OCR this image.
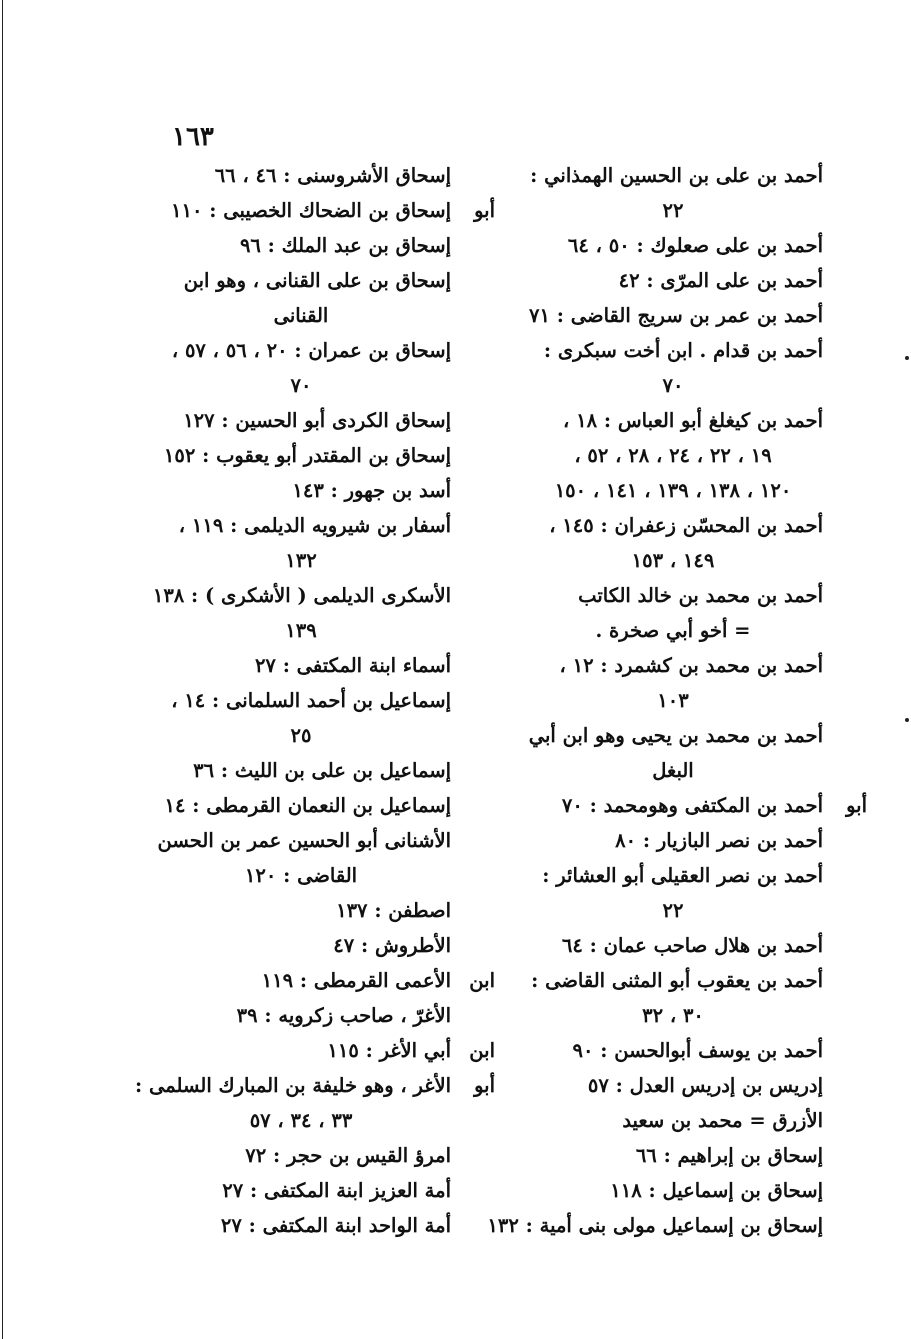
١٦٣
أحمد بن على بن الحسين الهمذاني :
٢٢
أحمد بن على صعلوك : ٥٠ ، ٦٤
أحمد بن على المرّى : ٤٢
أحمد بن عمر بن سريج القاضى : ٧١
أحمد بن قدام . ابن أخت سبكرى :
٧٠
أحمد بن كيغلغ أبو العباس : ١٨ ،
١٩ ، ٢٢ ، ٢٤ ، ٢٨ ، ٥٢ ،
١٢٠ ، ١٣٨ ، ١٣٩ ، ١٤١ ، ١٥٠
أحمد بن المحسّن زعفران : ١٤٥ ،
١٤٩ ، ١٥٣
أحمد بن محمد بن خالد الكاتب
= أخو أبي صخرة .
أحمد بن محمد بن كشمرد : ١٢ ،
١٠٣
أحمد بن محمد بن يحيى وهو ابن أبي
البغل
أبو
أحمد بن المكتفى وهومحمد : ٧٠
أحمد بن نصر البازيار : ٨٠
أحمد بن نصر العقيلى أبو العشائر :
٢٢
أحمد بن هلال صاحب عمان : ٦٤
أحمد بن يعقوب أبو المثنى القاضى :
٣٠ ، ٣٢
أحمد بن يوسف أبوالحسن : ٩٠
إدريس بن إدريس العدل : ٥٧
الأزرق = محمد بن سعيد
إسحاق بن إبراهيم : ٦٦
إسحاق بن إسماعيل : ١١٨
إسحاق بن إسماعيل مولى بنى أمية : ١٣٢
إسحاق الأشروسنى : ٤٦ ، ٦٦
أبو
إسحاق بن الضحاك الخصيبى : ١١٠
إسحاق بن عبد الملك : ٩٦
إسحاق بن على القنانى ، وهو ابن
القنانى
إسحاق بن عمران : ٢٠ ، ٥٦ ، ٥٧ ،
٧٠
إسحاق الكردى أبو الحسين : ١٢٧
إسحاق بن المقتدر أبو يعقوب : ١٥٢
أسد بن جهور : ١٤٣
أسفار بن شيرويه الديلمى : ١١٩ ،
١٣٢
الأسكرى الديلمى ( الأشكرى ) : ١٣٨
١٣٩
أسماء ابنة المكتفى : ٢٧
إسماعيل بن أحمد السلمانى : ١٤ ،
٢٥
إسماعيل بن على بن الليث : ٣٦
إسماعيل بن النعمان القرمطى : ١٤
الأشنانى أبو الحسين عمر بن الحسن
القاضى : ١٢٠
اصطفن : ١٣٧
الأطروش : ٤٧
ابن
الأعمى القرمطى : ١١٩
الأغرّ ، صاحب زكرويه : ٣٩
ابن
أبي الأغر : ١١٥
أبو
الأغر ، وهو خليفة بن المبارك السلمى :
٣٣ ، ٣٤ ، ٥٧
امرؤ القيس بن حجر : ٧٢
أمة العزيز ابنة المكتفى : ٢٧
أمة الواحد ابنة المكتفى : ٢٧
